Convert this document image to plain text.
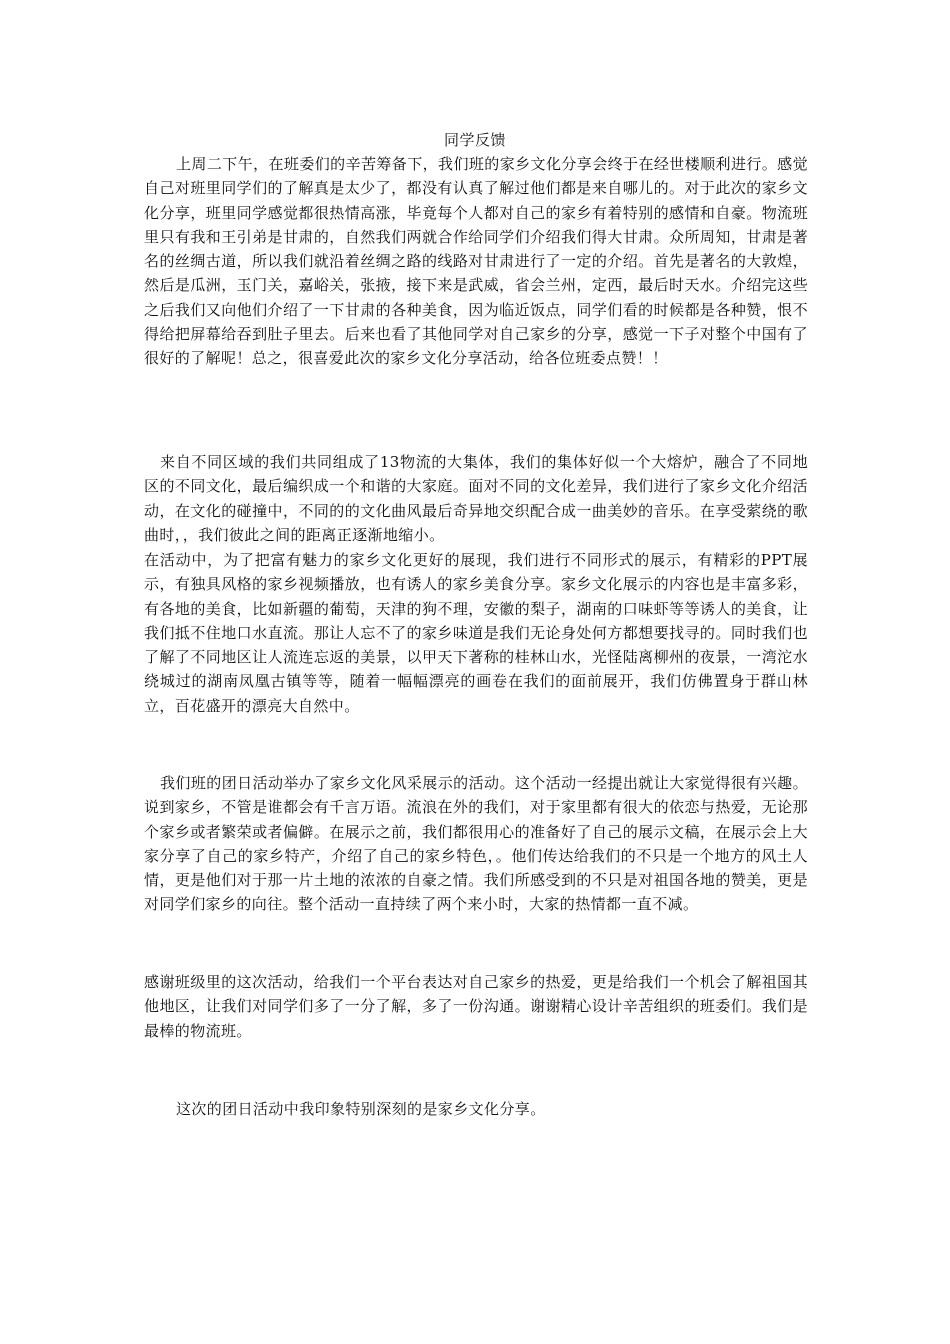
同学反馈

上周二下午，在班委们的辛苦筹备下，我们班的家乡文化分享会终于在经世楼顺利进行。感觉自己对班里同学们的了解真是太少了，都没有认真了解过他们都是来自哪儿的。对于此次的家乡文化分享，班里同学感觉都很热情高涨，毕竟每个人都对自己的家乡有着特别的感情和自豪。物流班里只有我和王引弟是甘肃的，自然我们两就合作给同学们介绍我们得大甘肃。众所周知，甘肃是著名的丝绸古道，所以我们就沿着丝绸之路的线路对甘肃进行了一定的介绍。首先是著名的大敦煌，然后是瓜洲，玉门关，嘉峪关，张掖，接下来是武威，省会兰州，定西，最后时天水。介绍完这些之后我们又向他们介绍了一下甘肃的各种美食，因为临近饭点，同学们看的时候都是各种赞，恨不得给把屏幕给吞到肚子里去。后来也看了其他同学对自己家乡的分享，感觉一下子对整个中国有了很好的了解呢！总之，很喜爱此次的家乡文化分享活动，给各位班委点赞！！

来自不同区域的我们共同组成了13物流的大集体，我们的集体好似一个大熔炉，融合了不同地区的不同文化，最后编织成一个和谐的大家庭。面对不同的文化差异，我们进行了家乡文化介绍活动，在文化的碰撞中，不同的的文化曲风最后奇异地交织配合成一曲美妙的音乐。在享受萦绕的歌曲时，，我们彼此之间的距离正逐渐地缩小。

在活动中，为了把富有魅力的家乡文化更好的展现，我们进行不同形式的展示，有精彩的PPT展示，有独具风格的家乡视频播放，也有诱人的家乡美食分享。家乡文化展示的内容也是丰富多彩，有各地的美食，比如新疆的葡萄，天津的狗不理，安徽的梨子，湖南的口味虾等等诱人的美食，让我们抵不住地口水直流。那让人忘不了的家乡味道是我们无论身处何方都想要找寻的。同时我们也了解了不同地区让人流连忘返的美景，以甲天下著称的桂林山水，光怪陆离柳州的夜景，一湾沱水绕城过的湖南凤凰古镇等等，随着一幅幅漂亮的画卷在我们的面前展开，我们仿佛置身于群山林立，百花盛开的漂亮大自然中。

我们班的团日活动举办了家乡文化风采展示的活动。这个活动一经提出就让大家觉得很有兴趣。说到家乡，不管是谁都会有千言万语。流浪在外的我们，对于家里都有很大的依恋与热爱，无论那个家乡或者繁荣或者偏僻。在展示之前，我们都很用心的准备好了自己的展示文稿，在展示会上大家分享了自己的家乡特产，介绍了自己的家乡特色，。他们传达给我们的不只是一个地方的风土人情，更是他们对于那一片土地的浓浓的自豪之情。我们所感受到的不只是对祖国各地的赞美，更是对同学们家乡的向往。整个活动一直持续了两个来小时，大家的热情都一直不减。

感谢班级里的这次活动，给我们一个平台表达对自己家乡的热爱，更是给我们一个机会了解祖国其他地区，让我们对同学们多了一分了解，多了一份沟通。谢谢精心设计辛苦组织的班委们。我们是最棒的物流班。

这次的团日活动中我印象特别深刻的是家乡文化分享。
